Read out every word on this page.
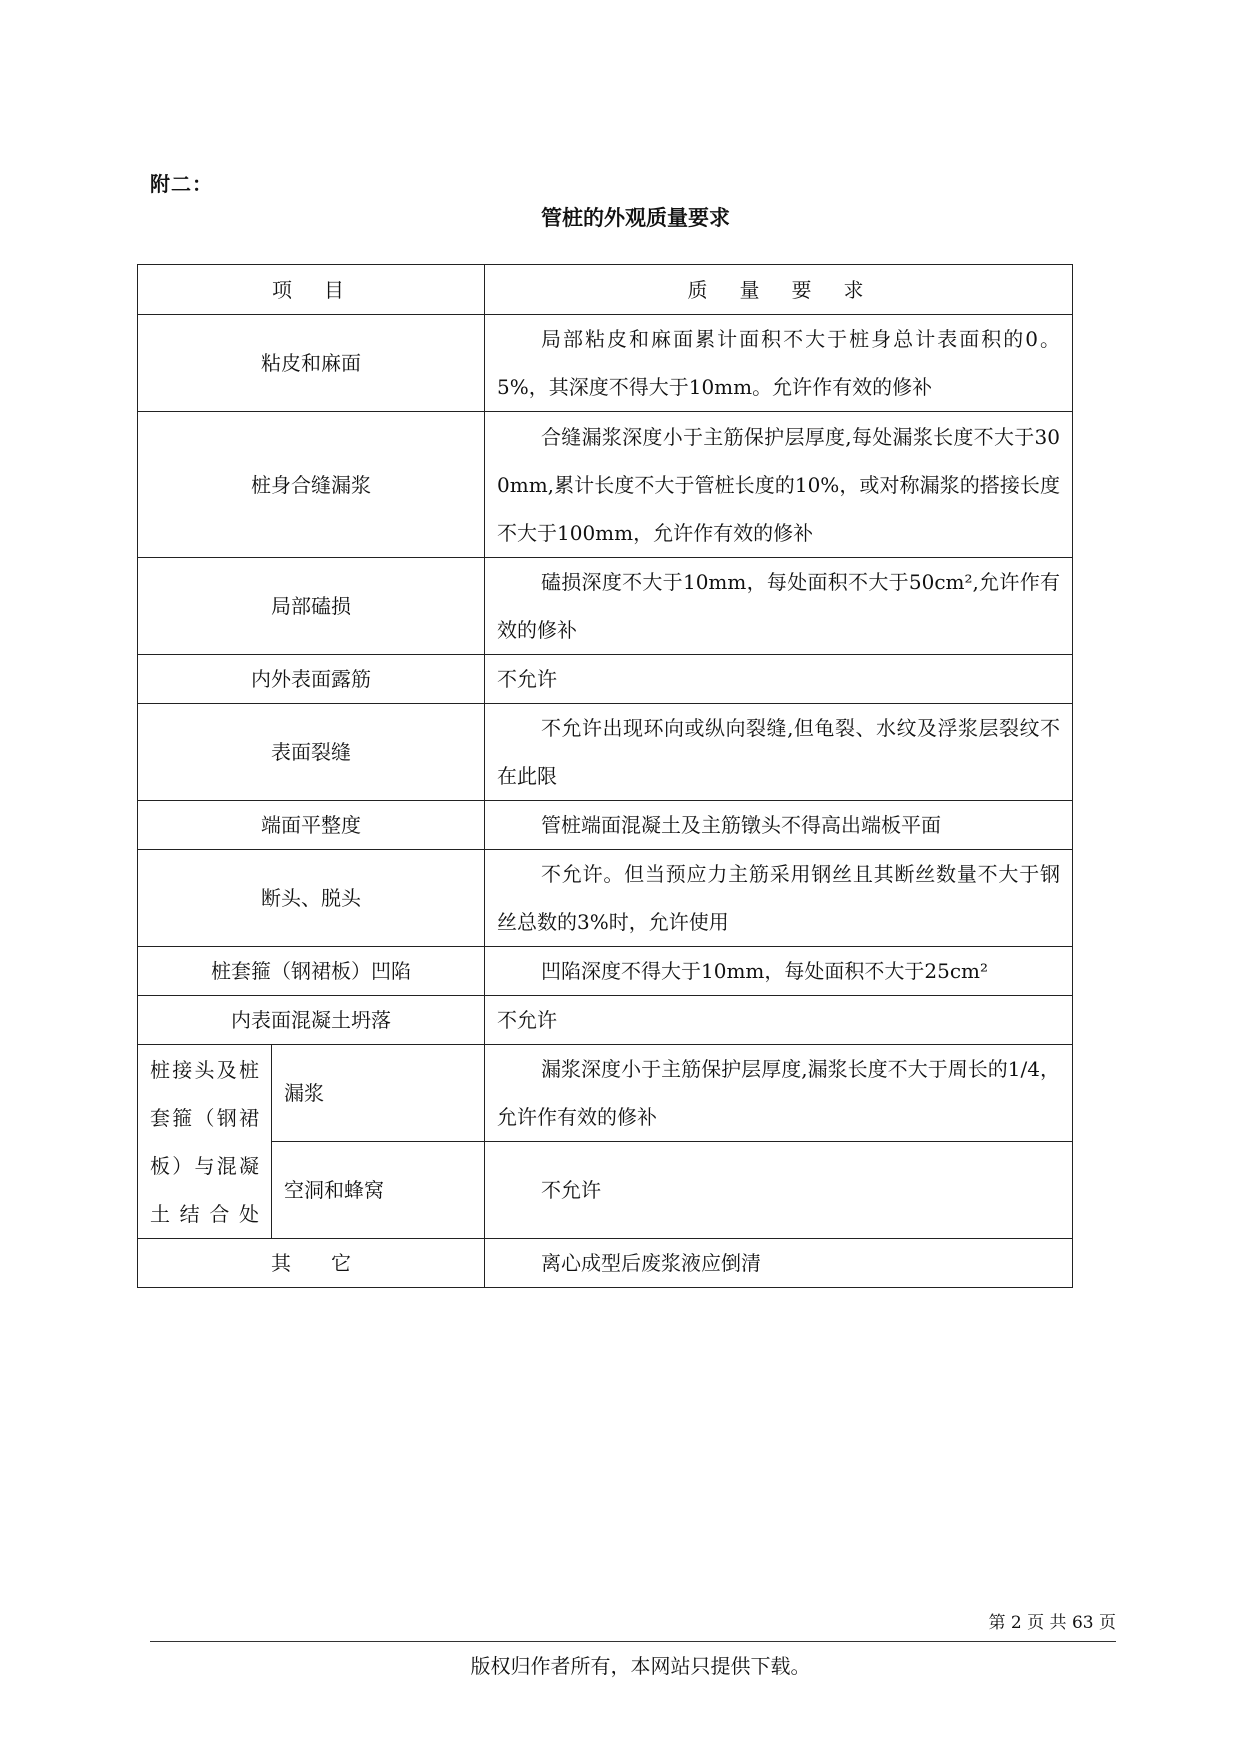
附二：
管桩的外观质量要求
项　目		质　量　要　求
粘皮和麻面		局部粘皮和麻面累计面积不大于桩身总计表面积的0。5%，其深度不得大于10mm。允许作有效的修补

桩身合缝漏浆		合缝漏浆深度小于主筋保护层厚度,每处漏浆长度不大于300mm,累计长度不大于管桩长度的10%，或对称漏浆的搭接长度不大于100mm，允许作有效的修补

局部磕损		磕损深度不大于10mm，每处面积不大于50cm²,允许作有效的修补

内外表面露筋		不允许
表面裂缝		不允许出现环向或纵向裂缝,但龟裂、水纹及浮浆层裂纹不在此限

端面平整度		管桩端面混凝土及主筋镦头不得高出端板平面

断头、脱头		不允许。但当预应力主筋采用钢丝且其断丝数量不大于钢丝总数的3%时，允许使用

桩套箍（钢裙板）凹陷		凹陷深度不得大于10mm，每处面积不大于25cm²

内表面混凝土坍落		不允许
桩接头及桩套箍（钢裙板）与混凝土结合处	漏浆	漏浆深度小于主筋保护层厚度,漏浆长度不大于周长的1/4，允许作有效的修补

	空洞和蜂窝	不允许

其　　它		离心成型后废浆液应倒清
第 2 页 共 63 页
版权归作者所有，本网站只提供下载。
